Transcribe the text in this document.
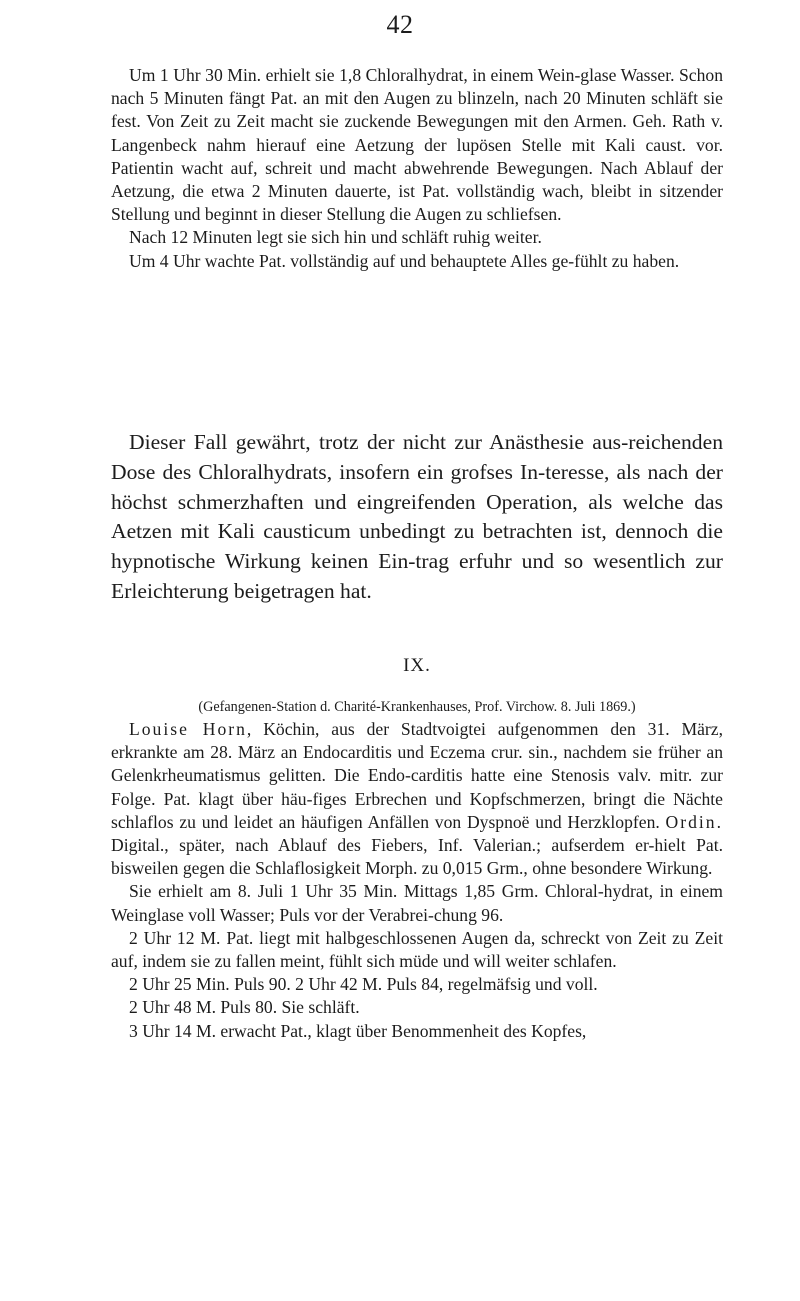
42

Um 1 Uhr 30 Min. erhielt sie 1,8 Chloralhydrat, in einem Wein-glase Wasser. Schon nach 5 Minuten fängt Pat. an mit den Augen zu blinzeln, nach 20 Minuten schläft sie fest. Von Zeit zu Zeit macht sie zuckende Bewegungen mit den Armen. Geh. Rath v. Langenbeck nahm hierauf eine Aetzung der lupösen Stelle mit Kali caust. vor. Patientin wacht auf, schreit und macht abwehrende Bewegungen. Nach Ablauf der Aetzung, die etwa 2 Minuten dauerte, ist Pat. vollständig wach, bleibt in sitzender Stellung und beginnt in dieser Stellung die Augen zu schliefsen.

Nach 12 Minuten legt sie sich hin und schläft ruhig weiter.

Um 4 Uhr wachte Pat. vollständig auf und behauptete Alles ge-fühlt zu haben.

Dieser Fall gewährt, trotz der nicht zur Anästhesie aus-reichenden Dose des Chloralhydrats, insofern ein grofses In-teresse, als nach der höchst schmerzhaften und eingreifenden Operation, als welche das Aetzen mit Kali causticum unbedingt zu betrachten ist, dennoch die hypnotische Wirkung keinen Ein-trag erfuhr und so wesentlich zur Erleichterung beigetragen hat.

IX.
(Gefangenen-Station d. Charité-Krankenhauses, Prof. Virchow. 8. Juli 1869.)

Louise Horn, Köchin, aus der Stadtvoigtei aufgenommen den 31. März, erkrankte am 28. März an Endocarditis und Eczema crur. sin., nachdem sie früher an Gelenkrheumatismus gelitten. Die Endo-carditis hatte eine Stenosis valv. mitr. zur Folge. Pat. klagt über häu-figes Erbrechen und Kopfschmerzen, bringt die Nächte schlaflos zu und leidet an häufigen Anfällen von Dyspnoë und Herzklopfen. Ordin. Digital., später, nach Ablauf des Fiebers, Inf. Valerian.; aufserdem er-hielt Pat. bisweilen gegen die Schlaflosigkeit Morph. zu 0,015 Grm., ohne besondere Wirkung.

Sie erhielt am 8. Juli 1 Uhr 35 Min. Mittags 1,85 Grm. Chloral-hydrat, in einem Weinglase voll Wasser; Puls vor der Verabrei-chung 96.

2 Uhr 12 M. Pat. liegt mit halbgeschlossenen Augen da, schreckt von Zeit zu Zeit auf, indem sie zu fallen meint, fühlt sich müde und will weiter schlafen.

2 Uhr 25 Min. Puls 90. 2 Uhr 42 M. Puls 84, regelmäfsig und voll.

2 Uhr 48 M. Puls 80. Sie schläft.

3 Uhr 14 M. erwacht Pat., klagt über Benommenheit des Kopfes,
